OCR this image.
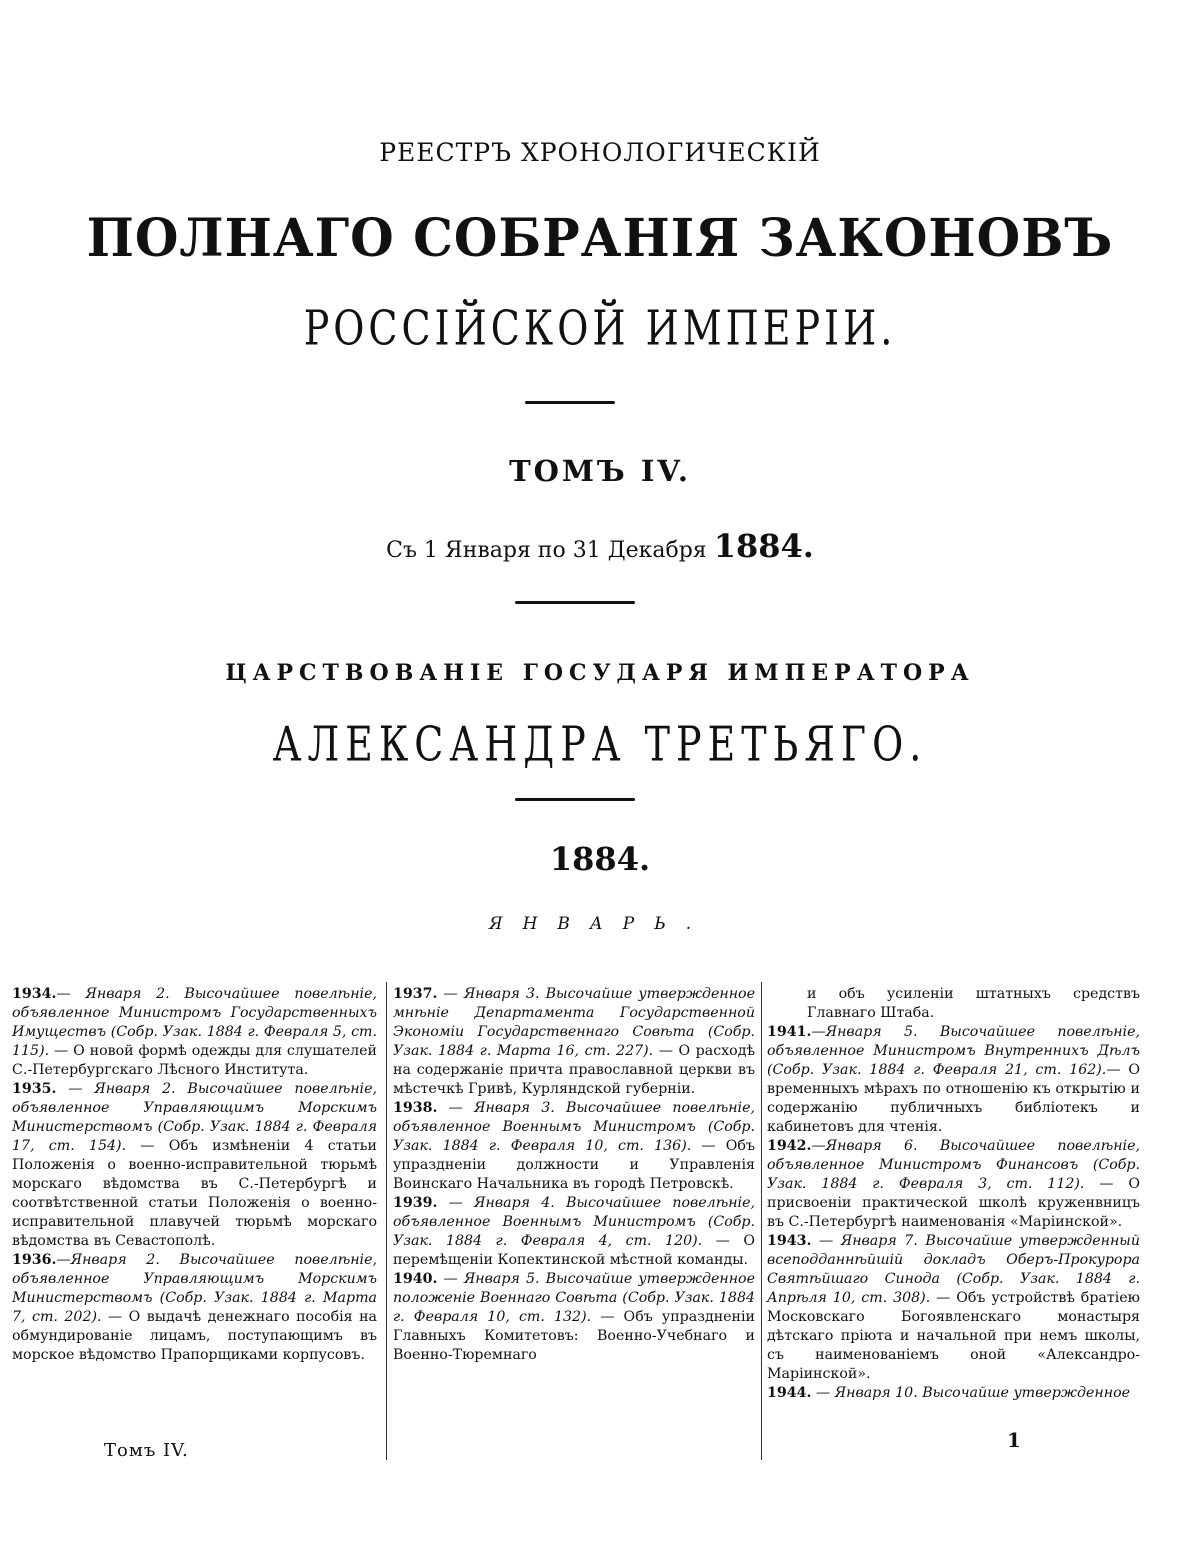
РЕЕСТРЪ ХРОНОЛОГИЧЕСКІЙ
ПОЛНАГО СОБРАНІЯ ЗАКОНОВЪ
РОССІЙСКОЙ ИМПЕРІИ.
ТОМЪ IV.
Съ 1 Января по 31 Декабря 1884.
ЦАРСТВОВАНІЕ ГОСУДАРЯ ИМПЕРАТОРА
АЛЕКСАНДРА ТРЕТЬЯГО.
1884.
ЯНВАРЬ.

1934.— Января 2. Высочайшее повелѣніе, объявленное Министромъ Государственныхъ Имуществъ (Собр. Узак. 1884 г. Февраля 5, ст. 115). — О новой формѣ одежды для слушателей С.-Петербургскаго Лѣсного Института.

1935. — Января 2. Высочайшее повелѣніе, объявленное Управляющимъ Морскимъ Министерствомъ (Собр. Узак. 1884 г. Февраля 17, ст. 154). — Объ измѣненіи 4 статьи Положенія о военно-исправительной тюрьмѣ морскаго вѣдомства въ С.-Петербургѣ и соотвѣтственной статьи Положенія о военно-исправительной плавучей тюрьмѣ морскаго вѣдомства въ Севастополѣ.

1936.—Января 2. Высочайшее повелѣніе, объявленное Управляющимъ Морскимъ Министерствомъ (Собр. Узак. 1884 г. Марта 7, ст. 202). — О выдачѣ денежнаго пособія на обмундированіе лицамъ, поступающимъ въ морское вѣдомство Прапорщиками корпусовъ.

1937. — Января 3. Высочайше утвержденное мнѣніе Департамента Государственной Экономіи Государственнаго Совѣта (Собр. Узак. 1884 г. Марта 16, ст. 227). — О расходѣ на содержаніе причта православной церкви въ мѣстечкѣ Гривѣ, Курляндской губерніи.

1938. — Января 3. Высочайшее повелѣніе, объявленное Военнымъ Министромъ (Собр. Узак. 1884 г. Февраля 10, ст. 136). — Объ упраздненіи должности и Управленія Воинскаго Начальника въ городѣ Петровскѣ.

1939. — Января 4. Высочайшее повелѣніе, объявленное Военнымъ Министромъ (Собр. Узак. 1884 г. Февраля 4, ст. 120). — О перемѣщеніи Копектинской мѣстной команды.

1940. — Января 5. Высочайше утвержденное положеніе Военнаго Совѣта (Собр. Узак. 1884 г. Февраля 10, ст. 132). — Объ упраздненіи Главныхъ Комитетовъ: Военно-Учебнаго и Военно-Тюремнаго

и объ усиленіи штатныхъ средствъ Главнаго Штаба.

1941.—Января 5. Высочайшее повелѣніе, объявленное Министромъ Внутреннихъ Дѣлъ (Собр. Узак. 1884 г. Февраля 21, ст. 162).— О временныхъ мѣрахъ по отношенію къ открытію и содержанію публичныхъ библіотекъ и кабинетовъ для чтенія.

1942.—Января 6. Высочайшее повелѣніе, объявленное Министромъ Финансовъ (Собр. Узак. 1884 г. Февраля 3, ст. 112). — О присвоеніи практической школѣ круженвницъ въ С.-Петербургѣ наименованія «Маріинской».

1943. — Января 7. Высочайше утвержденный всеподданнѣйшій докладъ Оберъ-Прокурора Святѣйшаго Синода (Собр. Узак. 1884 г. Апрѣля 10, ст. 308). — Объ устройствѣ братіею Московскаго Богоявленскаго монастыря дѣтскаго пріюта и начальной при немъ школы, съ наименованіемъ оной «Александро-Маріинской».

1944. — Января 10. Высочайше утвержденное

Томъ IV.	1
